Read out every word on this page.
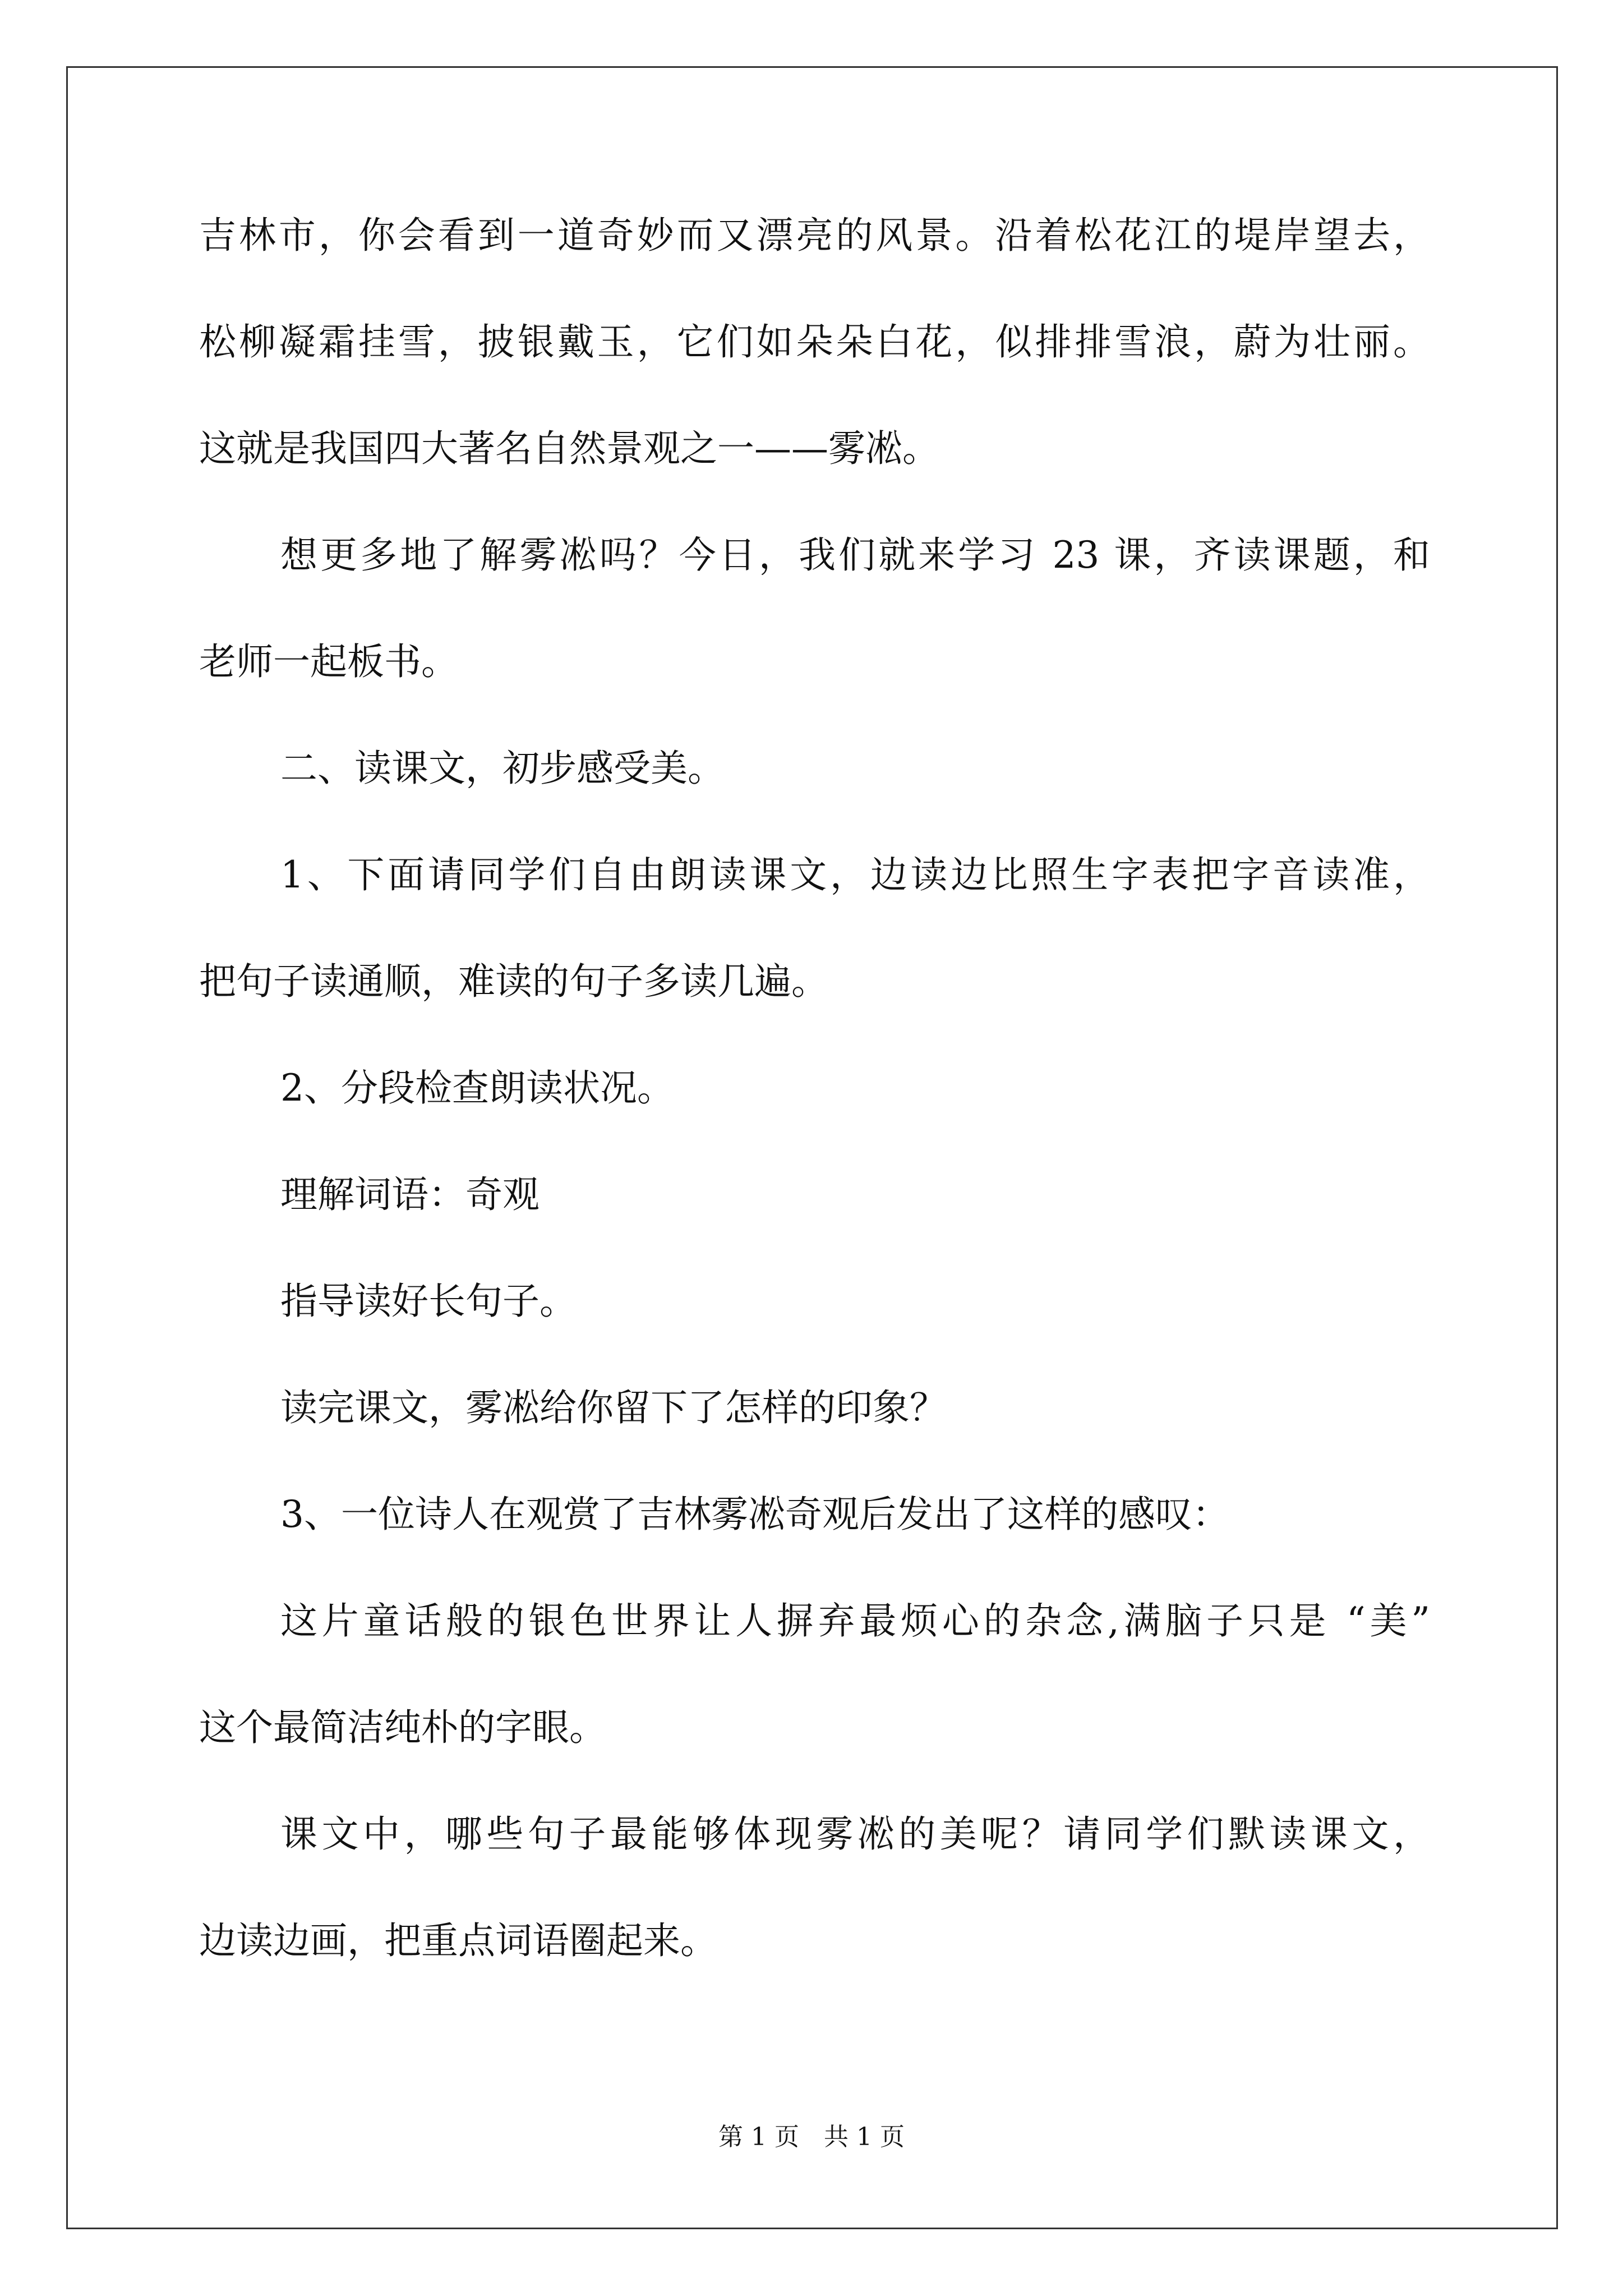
吉林市，你会看到一道奇妙而又漂亮的风景。沿着松花江的堤岸望去，
松柳凝霜挂雪，披银戴玉，它们如朵朵白花，似排排雪浪，蔚为壮丽。
这就是我国四大著名自然景观之一——雾凇。
想更多地了解雾凇吗？今日，我们就来学习 23 课，齐读课题，和
老师一起板书。
二、读课文，初步感受美。
1、下面请同学们自由朗读课文，边读边比照生字表把字音读准，
把句子读通顺，难读的句子多读几遍。
2、分段检查朗读状况。
理解词语：奇观
指导读好长句子。
读完课文，雾凇给你留下了怎样的印象？
3、一位诗人在观赏了吉林雾凇奇观后发出了这样的感叹：
这片童话般的银色世界让人摒弃最烦心的杂念,满脑子只是 “美”
这个最简洁纯朴的字眼。
课文中，哪些句子最能够体现雾凇的美呢？请同学们默读课文，
边读边画，把重点词语圈起来。
第 1 页　共 1 页
